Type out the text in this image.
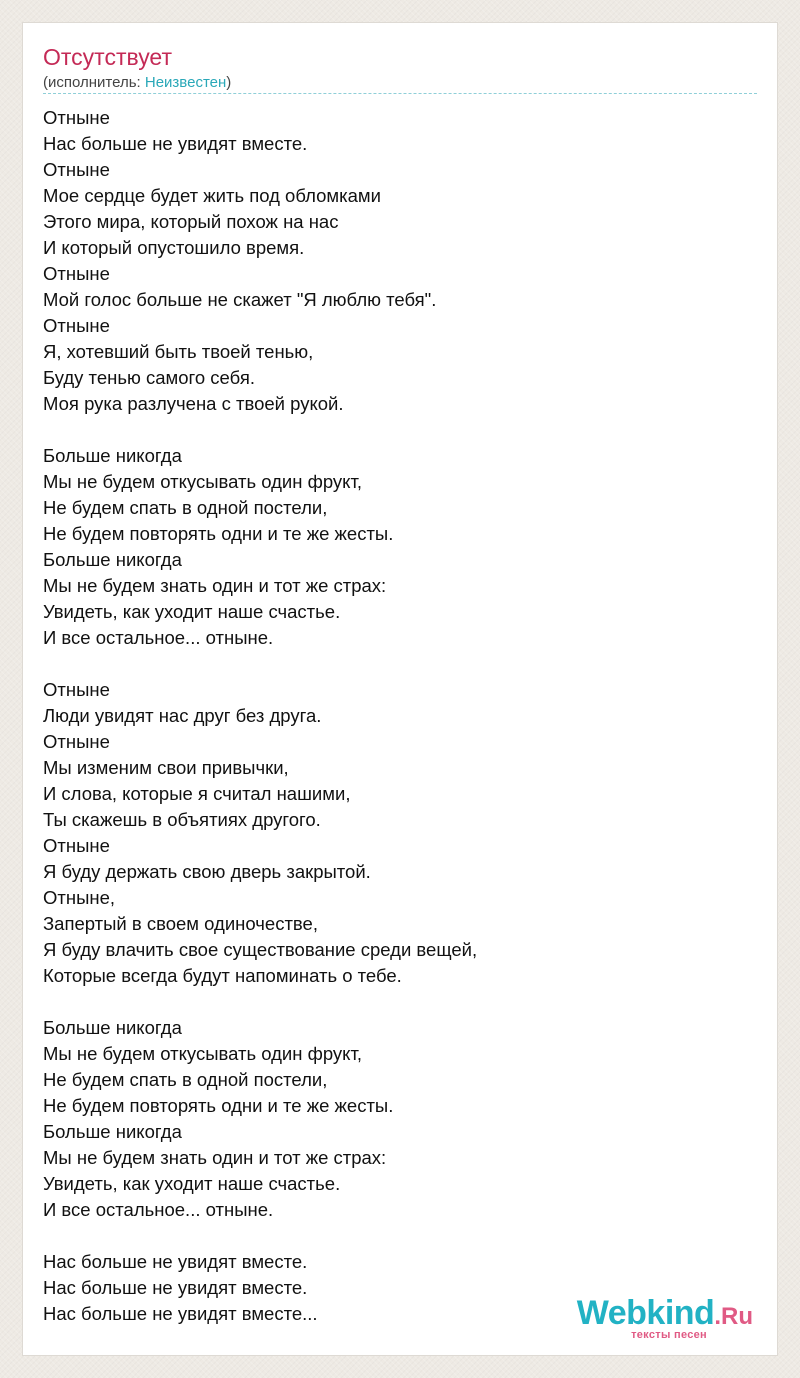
Отсутствует
(исполнитель: Неизвестен)
Отныне
Нас больше не увидят вместе.
Отныне
Мое сердце будет жить под обломками
Этого мира, который похож на нас
И который опустошило время.
Отныне
Мой голос больше не скажет "Я люблю тебя".
Отныне
Я, хотевший быть твоей тенью,
Буду тенью самого себя.
Моя рука разлучена с твоей рукой.
Больше никогда
Мы не будем откусывать один фрукт,
Не будем спать в одной постели,
Не будем повторять одни и те же жесты.
Больше никогда
Мы не будем знать один и тот же страх:
Увидеть, как уходит наше счастье.
И все остальное... отныне.
Отныне
Люди увидят нас друг без друга.
Отныне
Мы изменим свои привычки,
И слова, которые я считал нашими,
Ты скажешь в объятиях другого.
Отныне
Я буду держать свою дверь закрытой.
Отныне,
Запертый в своем одиночестве,
Я буду влачить свое существование среди вещей,
Которые всегда будут напоминать о тебе.
Больше никогда
Мы не будем откусывать один фрукт,
Не будем спать в одной постели,
Не будем повторять одни и те же жесты.
Больше никогда
Мы не будем знать один и тот же страх:
Увидеть, как уходит наше счастье.
И все остальное... отныне.
Нас больше не увидят вместе.
Нас больше не увидят вместе.
Нас больше не увидят вместе...	Webkind.Ru
тексты песен
